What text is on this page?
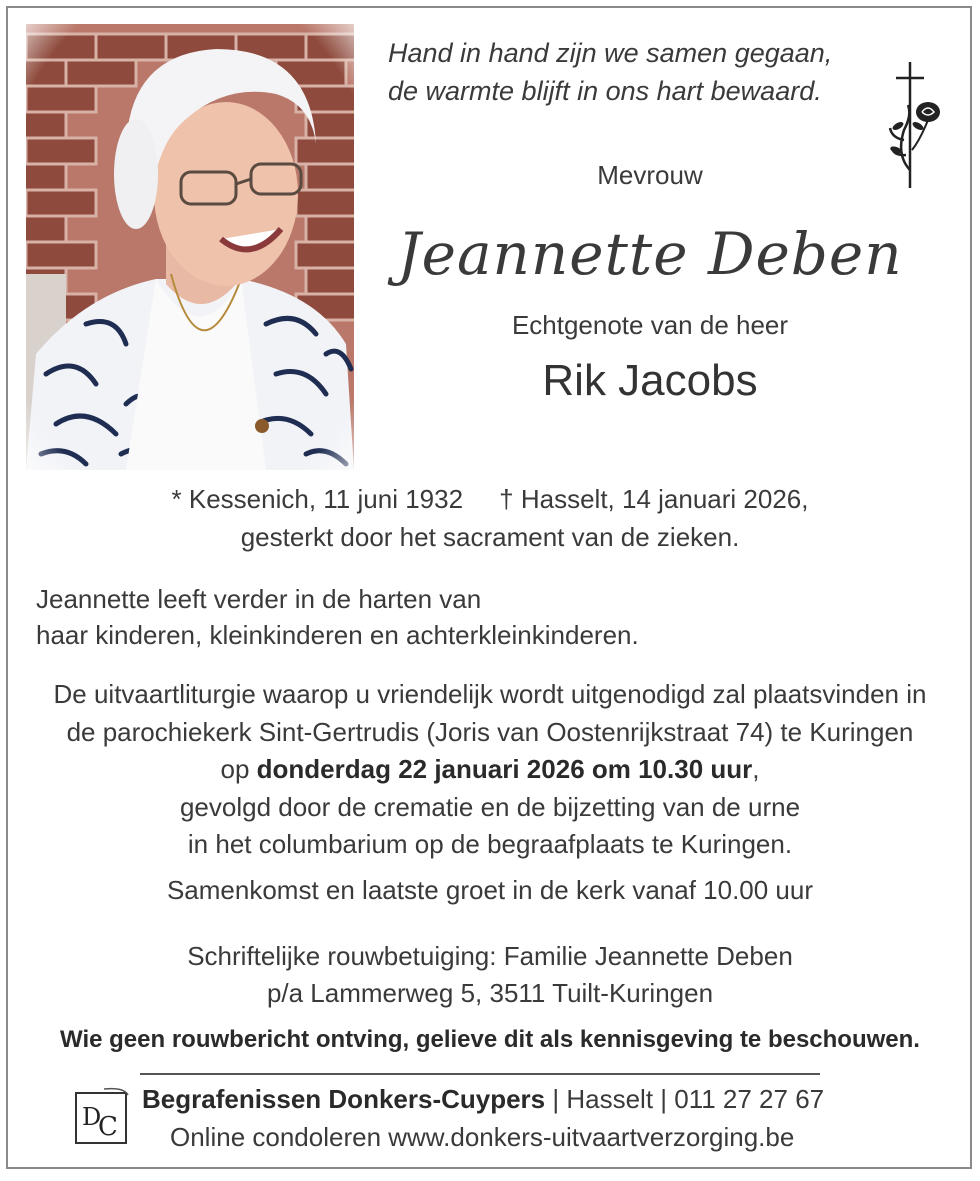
Hand in hand zijn we samen gegaan,
de warmte blijft in ons hart bewaard.
Mevrouw
Jeannette Deben
Echtgenote van de heer
Rik Jacobs
* Kessenich, 11 juni 1932 † Hasselt, 14 januari 2026,
gesterkt door het sacrament van de zieken.
Jeannette leeft verder in de harten van
haar kinderen, kleinkinderen en achterkleinkinderen.
De uitvaartliturgie waarop u vriendelijk wordt uitgenodigd zal plaatsvinden in
de parochiekerk Sint-Gertrudis (Joris van Oostenrijkstraat 74) te Kuringen
op donderdag 22 januari 2026 om 10.30 uur,
gevolgd door de crematie en de bijzetting van de urne
in het columbarium op de begraafplaats te Kuringen.
Samenkomst en laatste groet in de kerk vanaf 10.00 uur
Schriftelijke rouwbetuiging: Familie Jeannette Deben
p/a Lammerweg 5, 3511 Tuilt-Kuringen
Wie geen rouwbericht ontving, gelieve dit als kennisgeving te beschouwen.
D
C
Begrafenissen Donkers-Cuypers | Hasselt | 011 27 27 67
Online condoleren www.donkers-uitvaartverzorging.be
